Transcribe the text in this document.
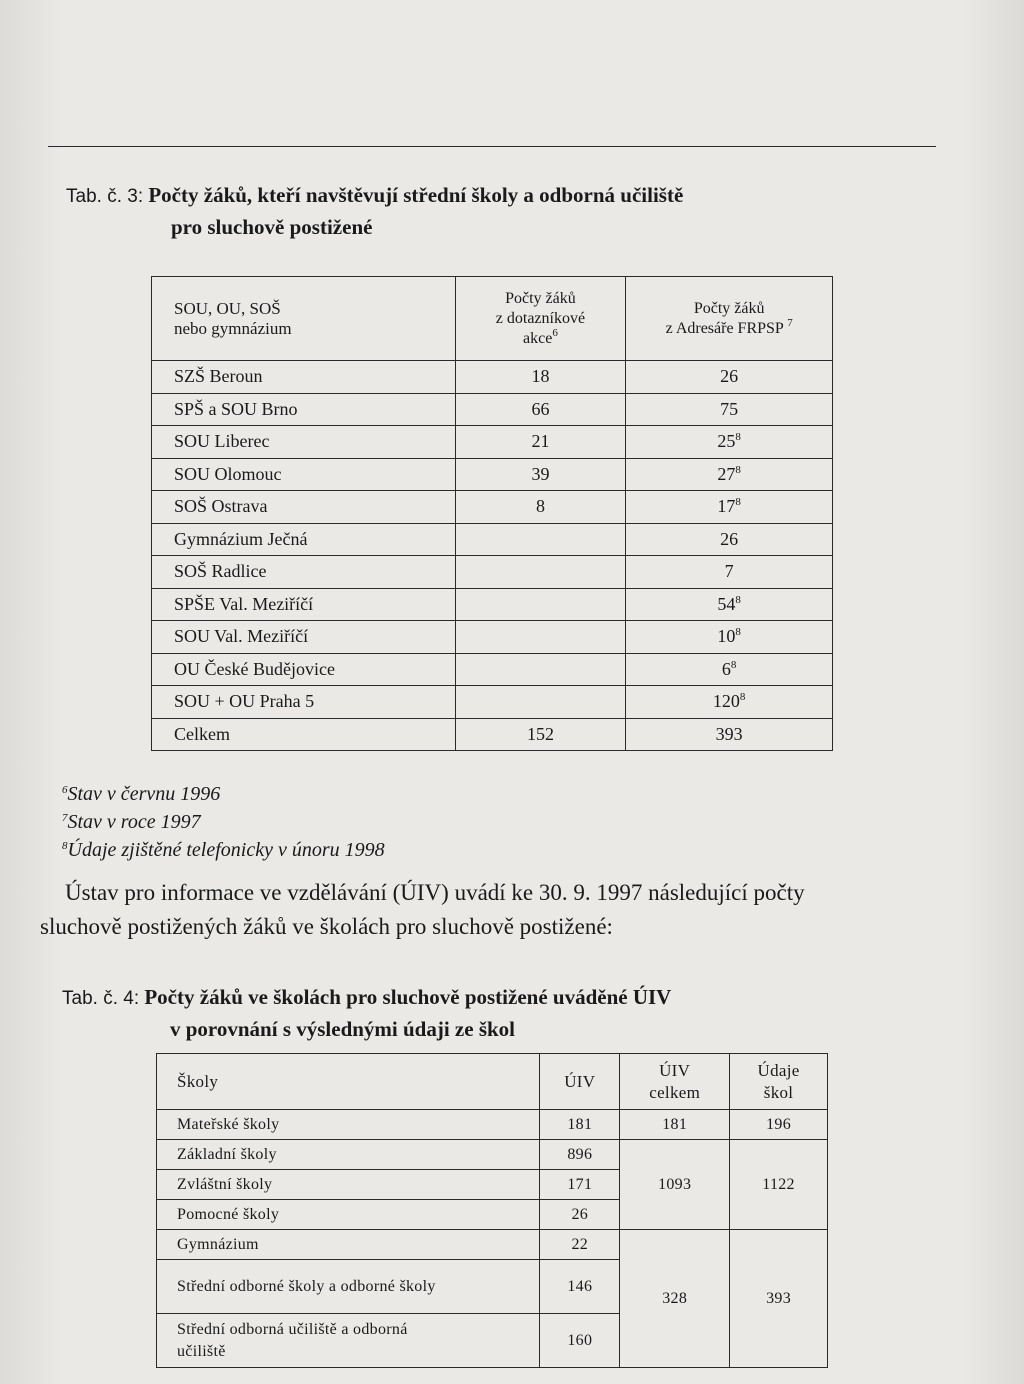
Tab. č. 3: Počty žáků, kteří navštěvují střední školy a odborná učiliště
pro sluchově postižené
SOU, OU, SOŠ
nebo gymnázium	Počty žáků
z dotazníkové
akce$^6$	Počty žáků
z Adresáře FRPSP $^7$
SZŠ Beroun	18	26
SPŠ a SOU Brno	66	75
SOU Liberec	21	$25^8$
SOU Olomouc	39	$27^8$
SOŠ Ostrava	8	$17^8$
Gymnázium Ječná		26
SOŠ Radlice		7
SPŠE Val. Meziříčí		$54^8$
SOU Val. Meziříčí		$10^8$
OU České Budějovice		$6^8$
SOU + OU Praha 5		$120^8$
Celkem	152	393
$^6$Stav v červnu 1996
$^7$Stav v roce 1997
$^8$Údaje zjištěné telefonicky v únoru 1998
Ústav pro informace ve vzdělávání (ÚIV) uvádí ke 30. 9. 1997 následující počty
sluchově postižených žáků ve školách pro sluchově postižené:
Tab. č. 4: Počty žáků ve školách pro sluchově postižené uváděné ÚIV
v porovnání s výslednými údaji ze škol
Školy	ÚIV	ÚIV
celkem	Údaje
škol
Mateřské školy	181	181	196
Základní školy	896	1093	1122
Zvláštní školy	171		
Pomocné školy	26		
Gymnázium	22	328	393
Střední odborné školy a odborné školy	146		
Střední odborná učiliště a odborná
učiliště	160		
